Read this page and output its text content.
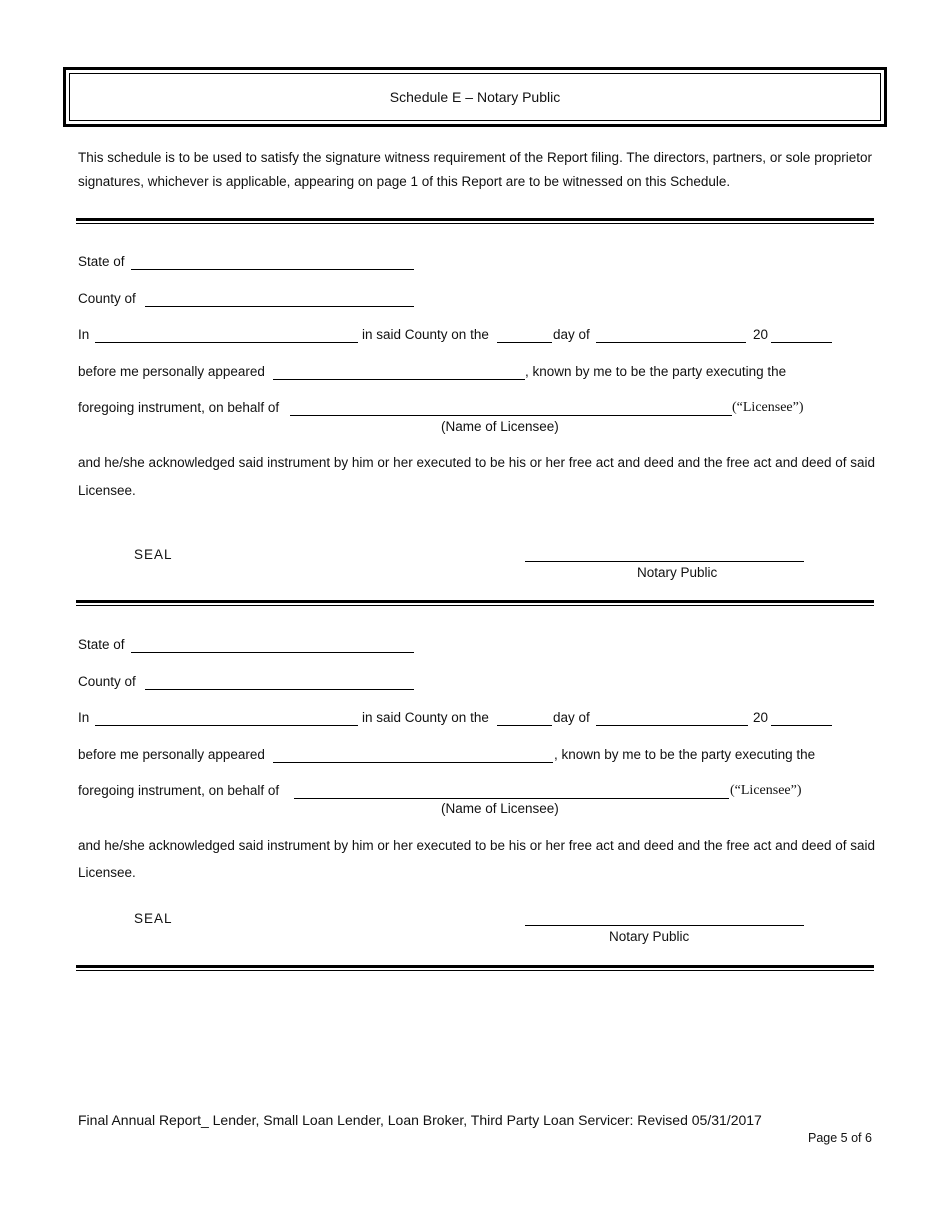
Schedule E – Notary Public
This schedule is to be used to satisfy the signature witness requirement of the Report filing. The directors, partners, or sole proprietor signatures, whichever is applicable, appearing on page 1 of this Report are to be witnessed on this Schedule.
State of
County of
In	in said County on the	day of	20
before me personally appeared	, known by me to be the party executing the
foregoing instrument, on behalf of	(“Licensee”)
(Name of Licensee)
and he/she acknowledged said instrument by him or her executed to be his or her free act and deed and the free act and deed of said
Licensee.
SEAL
Notary Public
State of
County of
In	in said County on the	day of	20
before me personally appeared	, known by me to be the party executing the
foregoing instrument, on behalf of	(“Licensee”)
(Name of Licensee)
and he/she acknowledged said instrument by him or her executed to be his or her free act and deed and the free act and deed of said
Licensee.
SEAL
Notary Public
Final Annual Report_ Lender, Small Loan Lender, Loan Broker, Third Party Loan Servicer: Revised 05/31/2017
Page 5 of 6
